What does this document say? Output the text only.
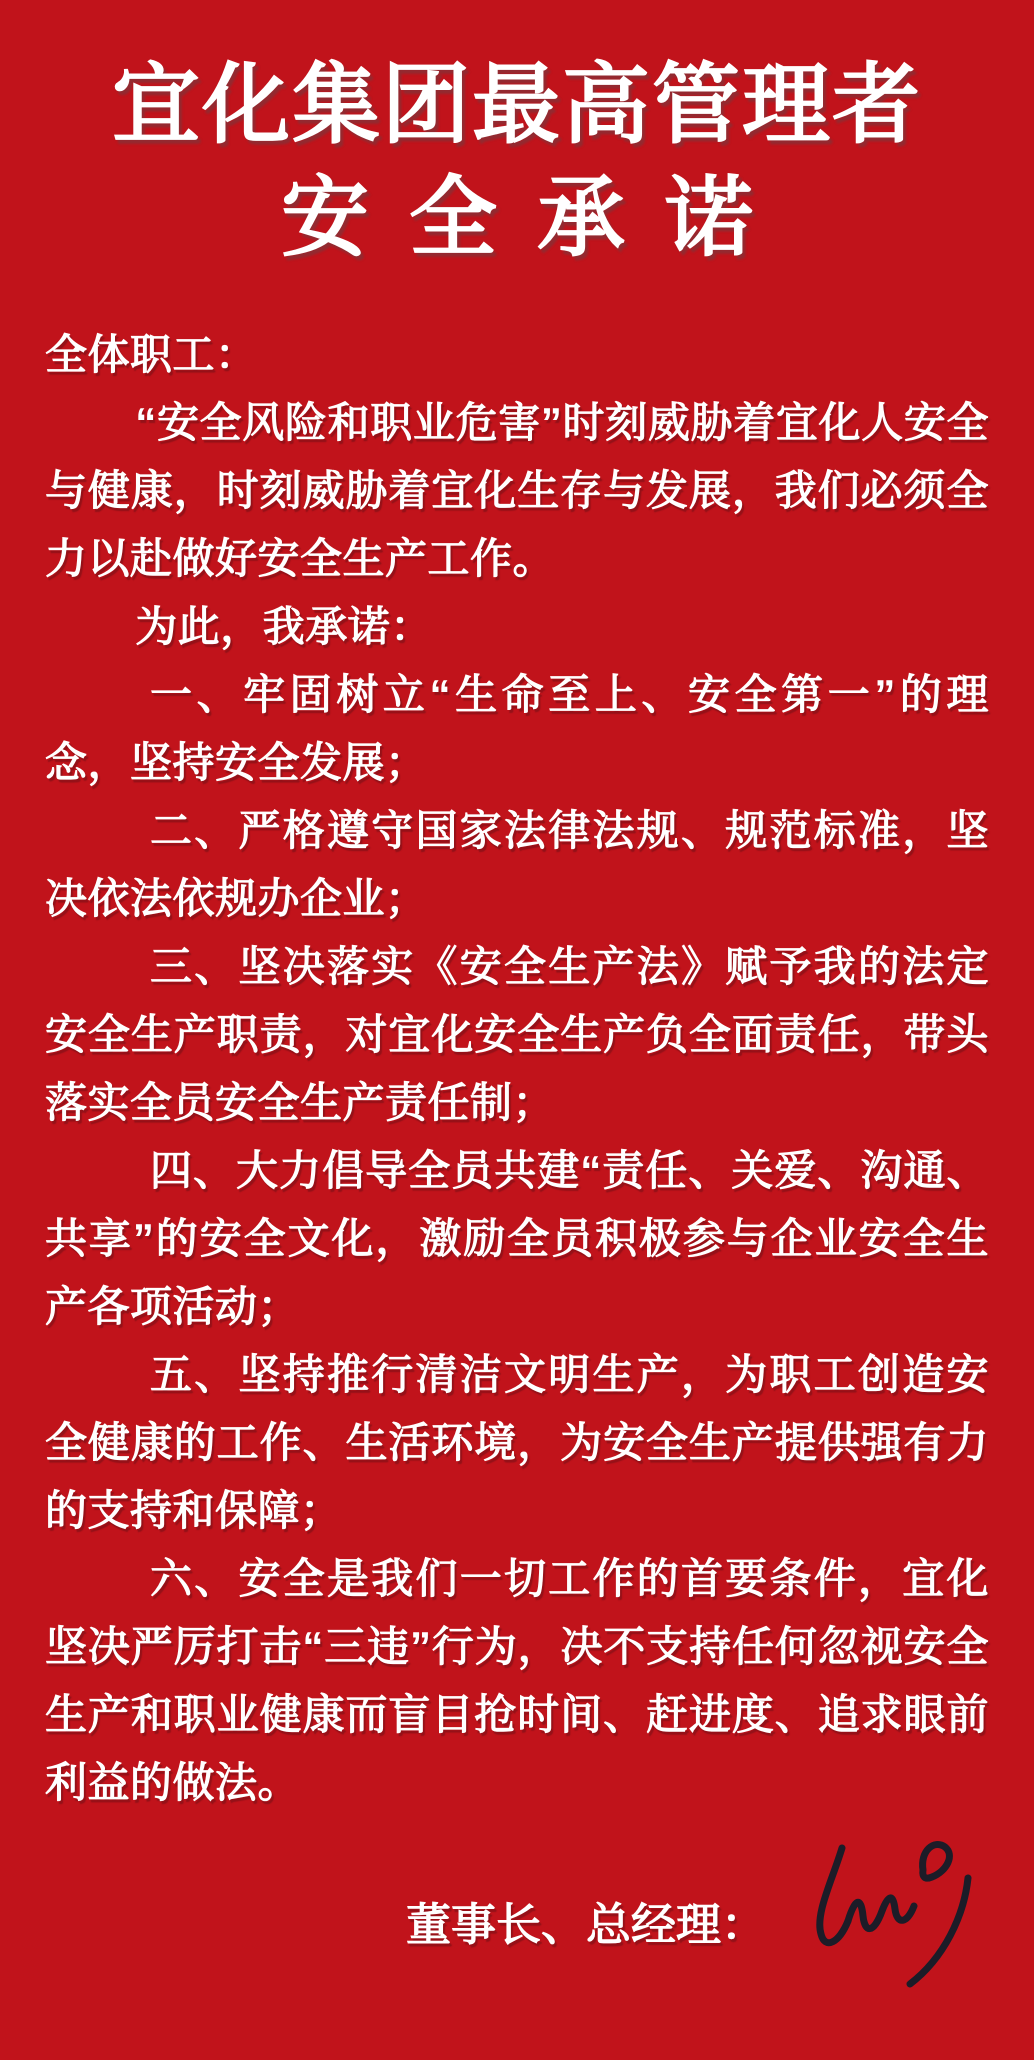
宜化集团最高管理者
安全承诺

全体职工：

“安全风险和职业危害”时刻威胁着宜化人安全与健康，时刻威胁着宜化生存与发展，我们必须全力以赴做好安全生产工作。

为此，我承诺：

一、牢固树立“生命至上、安全第一”的理念，坚持安全发展；

二、严格遵守国家法律法规、规范标准，坚决依法依规办企业；

三、坚决落实《安全生产法》赋予我的法定安全生产职责，对宜化安全生产负全面责任，带头落实全员安全生产责任制；

四、大力倡导全员共建“责任、关爱、沟通、共享”的安全文化，激励全员积极参与企业安全生产各项活动；

五、坚持推行清洁文明生产，为职工创造安全健康的工作、生活环境，为安全生产提供强有力的支持和保障；

六、安全是我们一切工作的首要条件，宜化坚决严厉打击“三违”行为，决不支持任何忽视安全生产和职业健康而盲目抢时间、赶进度、追求眼前利益的做法。

董事长、总经理：
